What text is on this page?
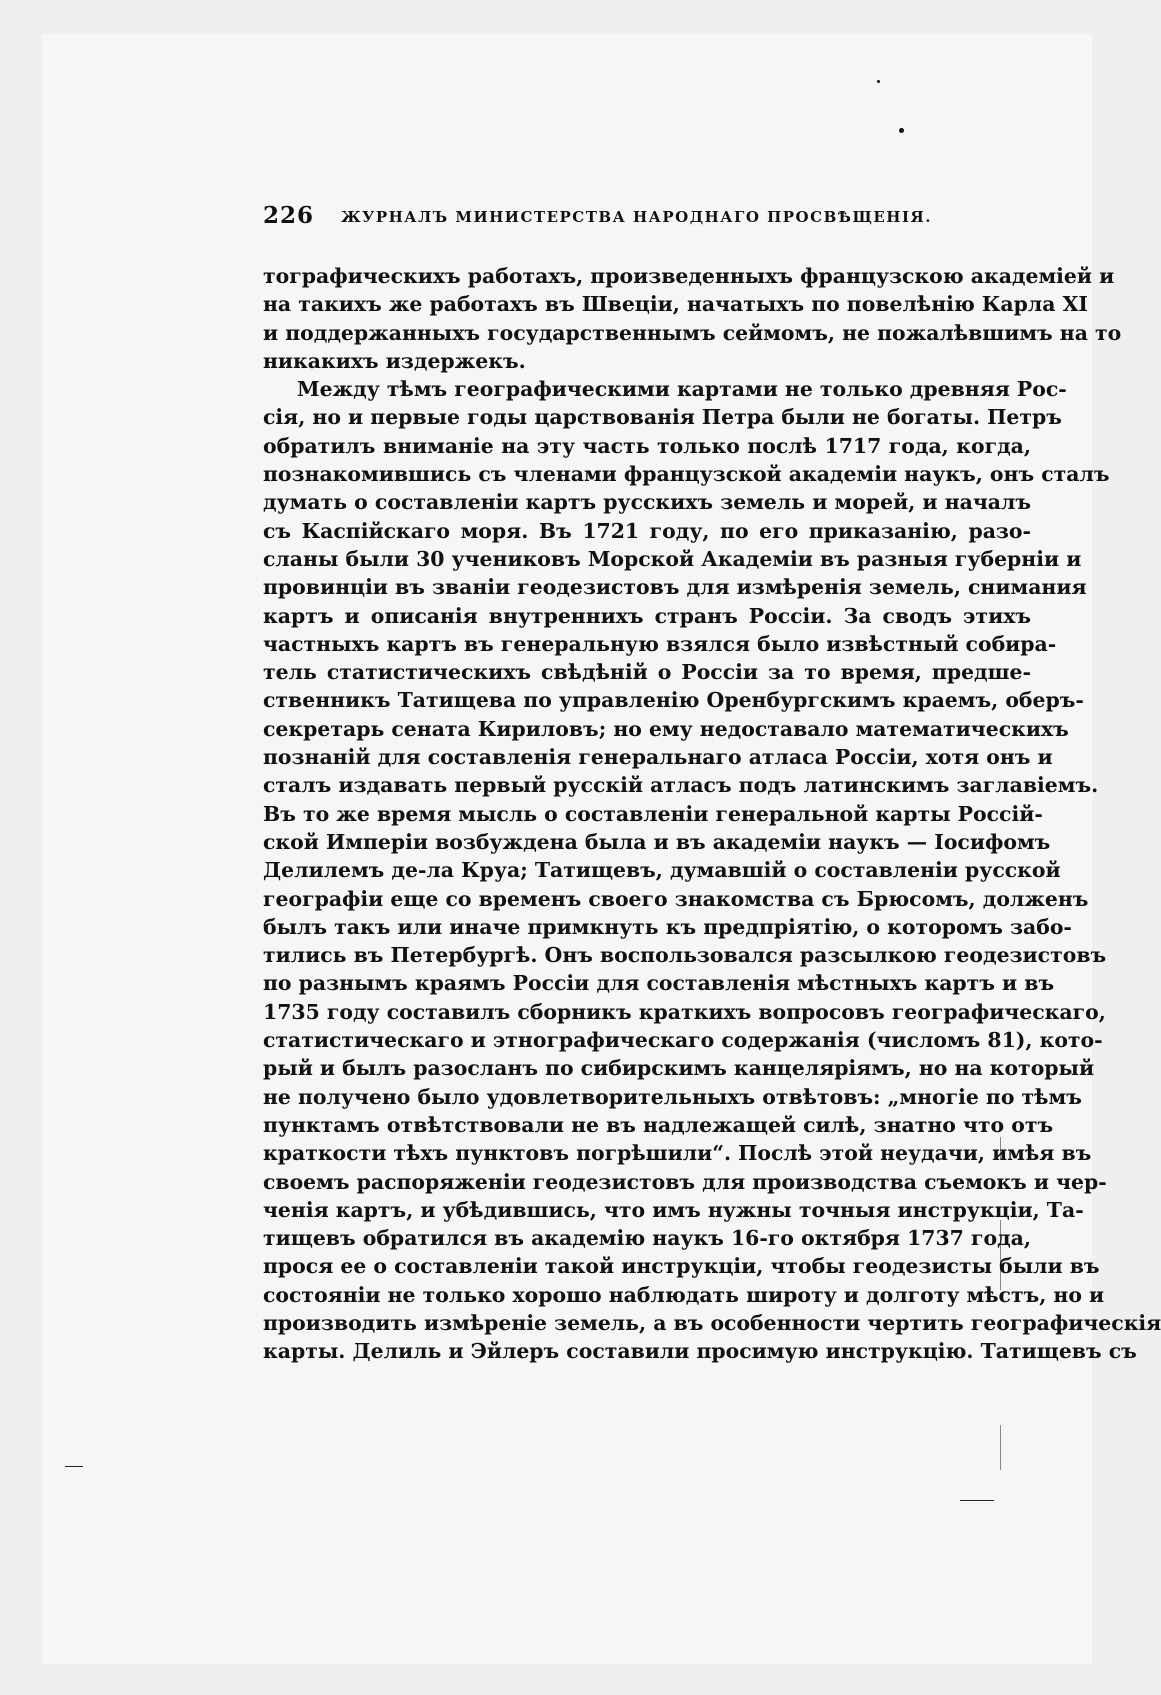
226 ЖУРНАЛЪ МИНИСТЕРСТВА НАРОДНАГО ПРОСВѢЩЕНІЯ.
тографическихъ работахъ, произведенныхъ французскою академіей и
на такихъ же работахъ въ Швеціи, начатыхъ по повелѣнію Карла XI
и поддержанныхъ государственнымъ сеймомъ, не пожалѣвшимъ на то
никакихъ издержекъ.
Между тѣмъ географическими картами не только древняя Рос-
сія, но и первые годы царствованія Петра были не богаты. Петръ
обратилъ вниманіе на эту часть только послѣ 1717 года, когда,
познакомившись съ членами французской академіи наукъ, онъ сталъ
думать о составленіи картъ русскихъ земель и морей, и началъ
съ Каспійскаго моря. Въ 1721 году, по его приказанію, разо-
сланы были 30 учениковъ Морской Академіи въ разныя губерніи и
провинціи въ званіи геодезистовъ для измѣренія земель, снимания
картъ и описанія внутреннихъ странъ Россіи. За сводъ этихъ
частныхъ картъ въ генеральную взялся было извѣстный собира-
тель статистическихъ свѣдѣній о Россіи за то время, предше-
ственникъ Татищева по управленію Оренбургскимъ краемъ, оберъ-
секретарь сената Кириловъ; но ему недоставало математическихъ
познаній для составленія генеральнаго атласа Россіи, хотя онъ и
сталъ издавать первый русскій атласъ подъ латинскимъ заглавіемъ.
Въ то же время мысль о составленіи генеральной карты Россій-
ской Имперіи возбуждена была и въ академіи наукъ — Іосифомъ
Делилемъ де-ла Круа; Татищевъ, думавшій о составленіи русской
географіи еще со временъ своего знакомства съ Брюсомъ, долженъ
былъ такъ или иначе примкнуть къ предпріятію, о которомъ забо-
тились въ Петербургѣ. Онъ воспользовался разсылкою геодезистовъ
по разнымъ краямъ Россіи для составленія мѣстныхъ картъ и въ
1735 году составилъ сборникъ краткихъ вопросовъ географическаго,
статистическаго и этнографическаго содержанія (числомъ 81), кото-
рый и былъ разосланъ по сибирскимъ канцеляріямъ, но на который
не получено было удовлетворительныхъ отвѣтовъ: „многіе по тѣмъ
пунктамъ отвѣтствовали не въ надлежащей силѣ, знатно что отъ
краткости тѣхъ пунктовъ погрѣшили“. Послѣ этой неудачи, имѣя въ
своемъ распоряженіи геодезистовъ для производства съемокъ и чер-
ченія картъ, и убѣдившись, что имъ нужны точныя инструкціи, Та-
тищевъ обратился въ академію наукъ 16-го октября 1737 года,
прося ее о составленіи такой инструкціи, чтобы геодезисты были въ
состояніи не только хорошо наблюдать широту и долготу мѣстъ, но и
производить измѣреніе земель, а въ особенности чертить географическія
карты. Делиль и Эйлеръ составили просимую инструкцію. Татищевъ съ
